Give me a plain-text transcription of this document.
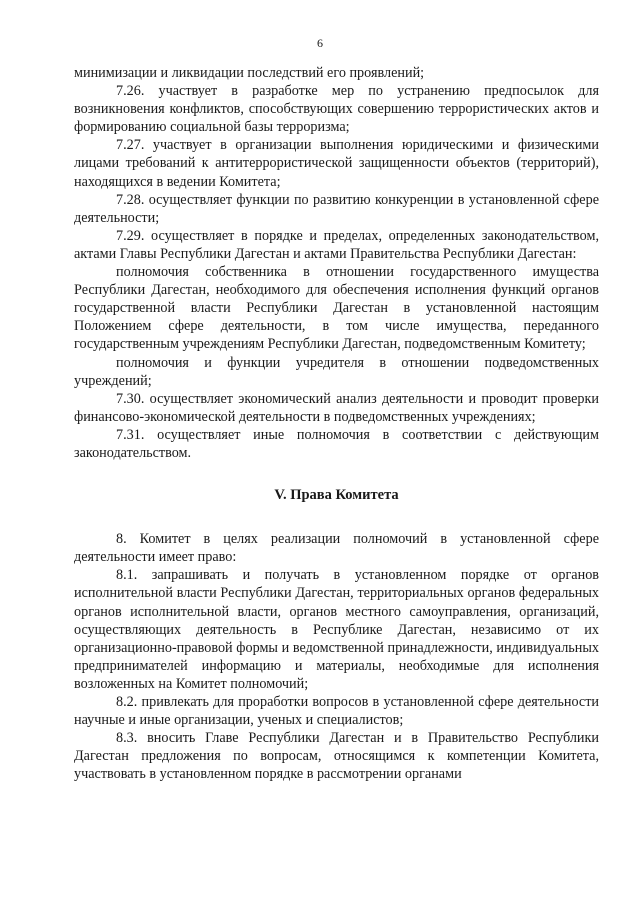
6

минимизации и ликвидации последствий его проявлений;

7.26. участвует в разработке мер по устранению предпосылок для возникновения конфликтов, способствующих совершению террористических актов и формированию социальной базы терроризма;

7.27. участвует в организации выполнения юридическими и физическими лицами требований к антитеррористической защищенности объектов (территорий), находящихся в ведении Комитета;

7.28. осуществляет функции по развитию конкуренции в установленной сфере деятельности;

7.29. осуществляет в порядке и пределах, определенных законодательством, актами Главы Республики Дагестан и актами Правительства Республики Дагестан:

полномочия собственника в отношении государственного имущества Республики Дагестан, необходимого для обеспечения исполнения функций органов государственной власти Республики Дагестан в установленной настоящим Положением сфере деятельности, в том числе имущества, переданного государственным учреждениям Республики Дагестан, подведомственным Комитету;

полномочия и функции учредителя в отношении подведомственных учреждений;

7.30. осуществляет экономический анализ деятельности и проводит проверки финансово-экономической деятельности в подведомственных учреждениях;

7.31. осуществляет иные полномочия в соответствии с действующим законодательством.

V. Права Комитета

8. Комитет в целях реализации полномочий в установленной сфере деятельности имеет право:

8.1. запрашивать и получать в установленном порядке от органов исполнительной власти Республики Дагестан, территориальных органов федеральных органов исполнительной власти, органов местного самоуправления, организаций, осуществляющих деятельность в Республике Дагестан, независимо от их организационно-правовой формы и ведомственной принадлежности, индивидуальных предпринимателей информацию и материалы, необходимые для исполнения возложенных на Комитет полномочий;

8.2. привлекать для проработки вопросов в установленной сфере деятельности научные и иные организации, ученых и специалистов;

8.3. вносить Главе Республики Дагестан и в Правительство Республики Дагестан предложения по вопросам, относящимся к компетенции Комитета, участвовать в установленном порядке в рассмотрении органами
